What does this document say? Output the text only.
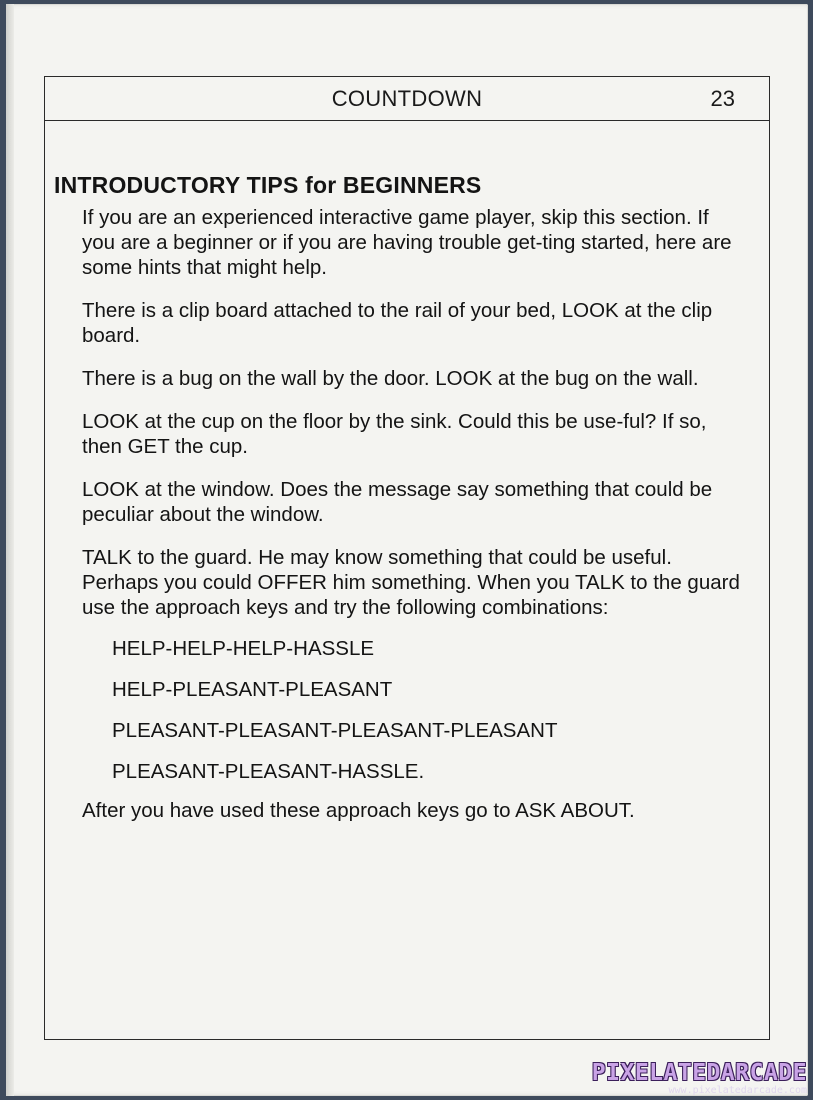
COUNTDOWN	23
INTRODUCTORY TIPS for BEGINNERS

If you are an experienced interactive game player, skip this section. If you are a beginner or if you are having trouble get-ting started, here are some hints that might help.

There is a clip board attached to the rail of your bed, LOOK at the clip board.

There is a bug on the wall by the door. LOOK at the bug on the wall.

LOOK at the cup on the floor by the sink. Could this be use-ful? If so, then GET the cup.

LOOK at the window. Does the message say something that could be peculiar about the window.

TALK to the guard. He may know something that could be useful. Perhaps you could OFFER him something. When you TALK to the guard use the approach keys and try the following combinations:

HELP-HELP-HELP-HASSLE
HELP-PLEASANT-PLEASANT
PLEASANT-PLEASANT-PLEASANT-PLEASANT
PLEASANT-PLEASANT-HASSLE.

After you have used these approach keys go to ASK ABOUT.

PIXELATEDARCADE
www.pixelatedarcade.com
